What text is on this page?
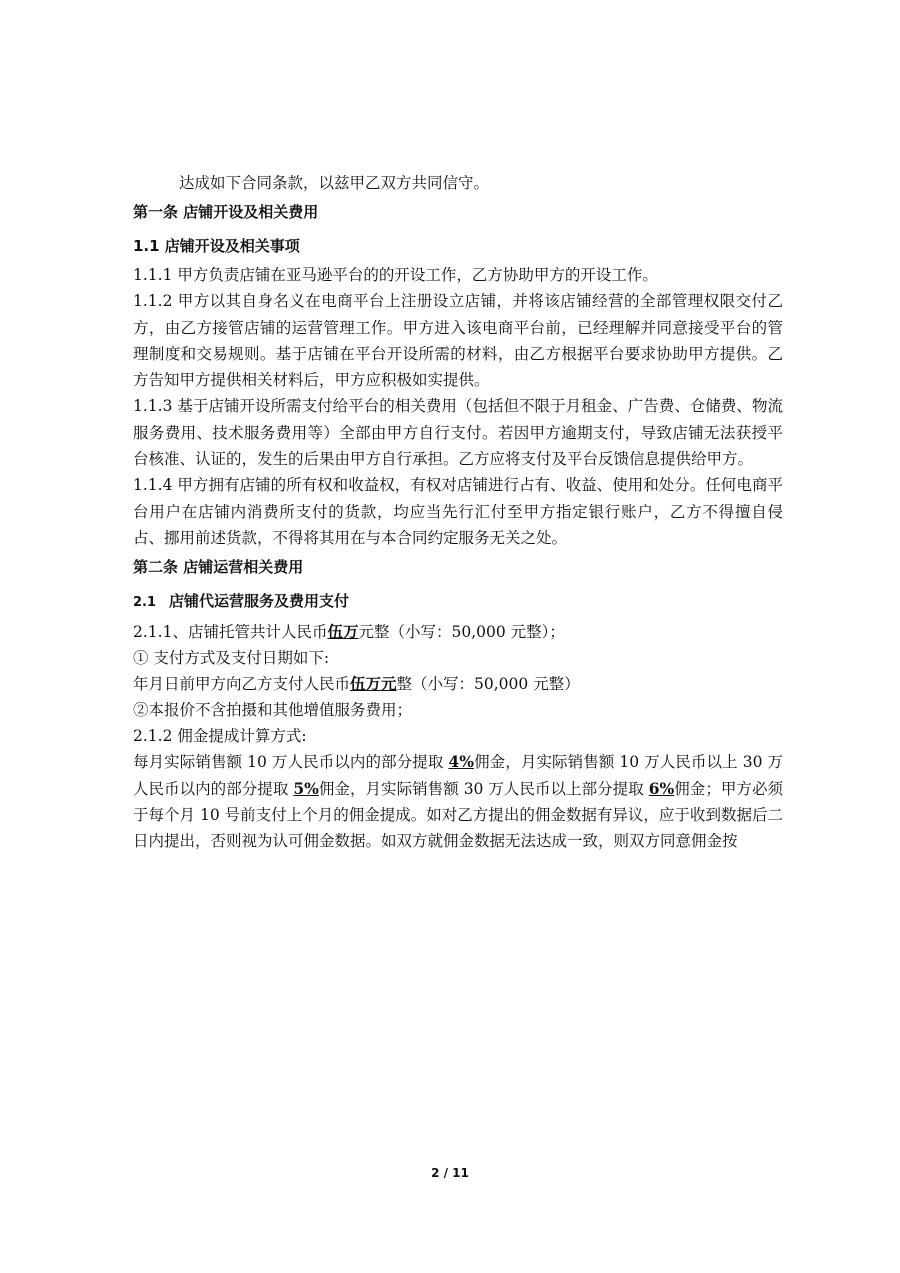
达成如下合同条款，以兹甲乙双方共同信守。
第一条 店铺开设及相关费用
1.1 店铺开设及相关事项
1.1.1 甲方负责店铺在亚马逊平台的的开设工作，乙方协助甲方的开设工作。
1.1.2 甲方以其自身名义在电商平台上注册设立店铺，并将该店铺经营的全部管理权限交付乙方，由乙方接管店铺的运营管理工作。甲方进入该电商平台前，已经理解并同意接受平台的管理制度和交易规则。基于店铺在平台开设所需的材料，由乙方根据平台要求协助甲方提供。乙方告知甲方提供相关材料后，甲方应积极如实提供。
1.1.3 基于店铺开设所需支付给平台的相关费用（包括但不限于月租金、广告费、仓储费、物流服务费用、技术服务费用等）全部由甲方自行支付。若因甲方逾期支付，导致店铺无法获授平台核准、认证的，发生的后果由甲方自行承担。乙方应将支付及平台反馈信息提供给甲方。
1.1.4 甲方拥有店铺的所有权和收益权，有权对店铺进行占有、收益、使用和处分。任何电商平台用户在店铺内消费所支付的货款，均应当先行汇付至甲方指定银行账户，乙方不得擅自侵占、挪用前述货款，不得将其用在与本合同约定服务无关之处。
第二条 店铺运营相关费用
2.1 店铺代运营服务及费用支付
2.1.1、店铺托管共计人民币伍万元整（小写：50,000 元整）；
① 支付方式及支付日期如下:
年月日前甲方向乙方支付人民币伍万元整（小写：50,000 元整）
②本报价不含拍摄和其他增值服务费用；
2.1.2 佣金提成计算方式:
每月实际销售额 10 万人民币以内的部分提取 4%佣金，月实际销售额 10 万人民币以上 30 万人民币以内的部分提取 5%佣金，月实际销售额 30 万人民币以上部分提取 6%佣金；甲方必须于每个月 10 号前支付上个月的佣金提成。如对乙方提出的佣金数据有异议，应于收到数据后二日内提出，否则视为认可佣金数据。如双方就佣金数据无法达成一致，则双方同意佣金按
2 / 11
